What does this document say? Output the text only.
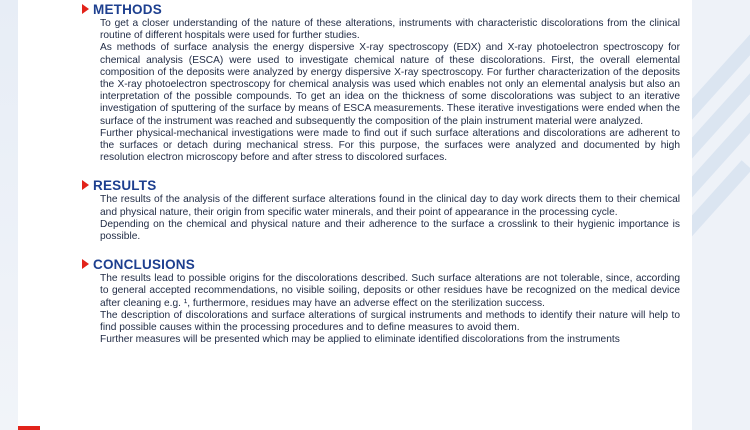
METHODS

To get a closer understanding of the nature of these alterations, instruments with characteristic discolorations from the clinical routine of different hospitals were used for further studies.

As methods of surface analysis the energy dispersive X-ray spectroscopy (EDX) and X-ray photoelectron spectroscopy for chemical analysis (ESCA) were used to investigate chemical nature of these discolorations. First, the overall elemental composition of the deposits were analyzed by energy dispersive X-ray spectroscopy. For further characterization of the deposits the X-ray photoelectron spectroscopy for chemical analysis was used which enables not only an elemental analysis but also an interpretation of the possible compounds. To get an idea on the thickness of some discolorations was subject to an iterative investigation of sputtering of the surface by means of ESCA measurements. These iterative investigations were ended when the surface of the instrument was reached and subsequently the composition of the plain instrument material were analyzed.

Further physical-mechanical investigations were made to find out if such surface alterations and discolorations are adherent to the surfaces or detach during mechanical stress. For this purpose, the surfaces were analyzed and documented by high resolution electron microscopy before and after stress to discolored surfaces.

RESULTS

The results of the analysis of the different surface alterations found in the clinical day to day work directs them to their chemical and physical nature, their origin from specific water minerals, and their point of appearance in the processing cycle.

Depending on the chemical and physical nature and their adherence to the surface a crosslink to their hygienic importance is possible.

CONCLUSIONS

The results lead to possible origins for the discolorations described. Such surface alterations are not tolerable, since, according to general accepted recommendations, no visible soiling, deposits or other residues have be recognized on the medical device after cleaning e.g. ¹, furthermore, residues may have an adverse effect on the sterilization success.

The description of discolorations and surface alterations of surgical instruments and methods to identify their nature will help to find possible causes within the processing procedures and to define measures to avoid them.

Further measures will be presented which may be applied to eliminate identified discolorations from the instruments
